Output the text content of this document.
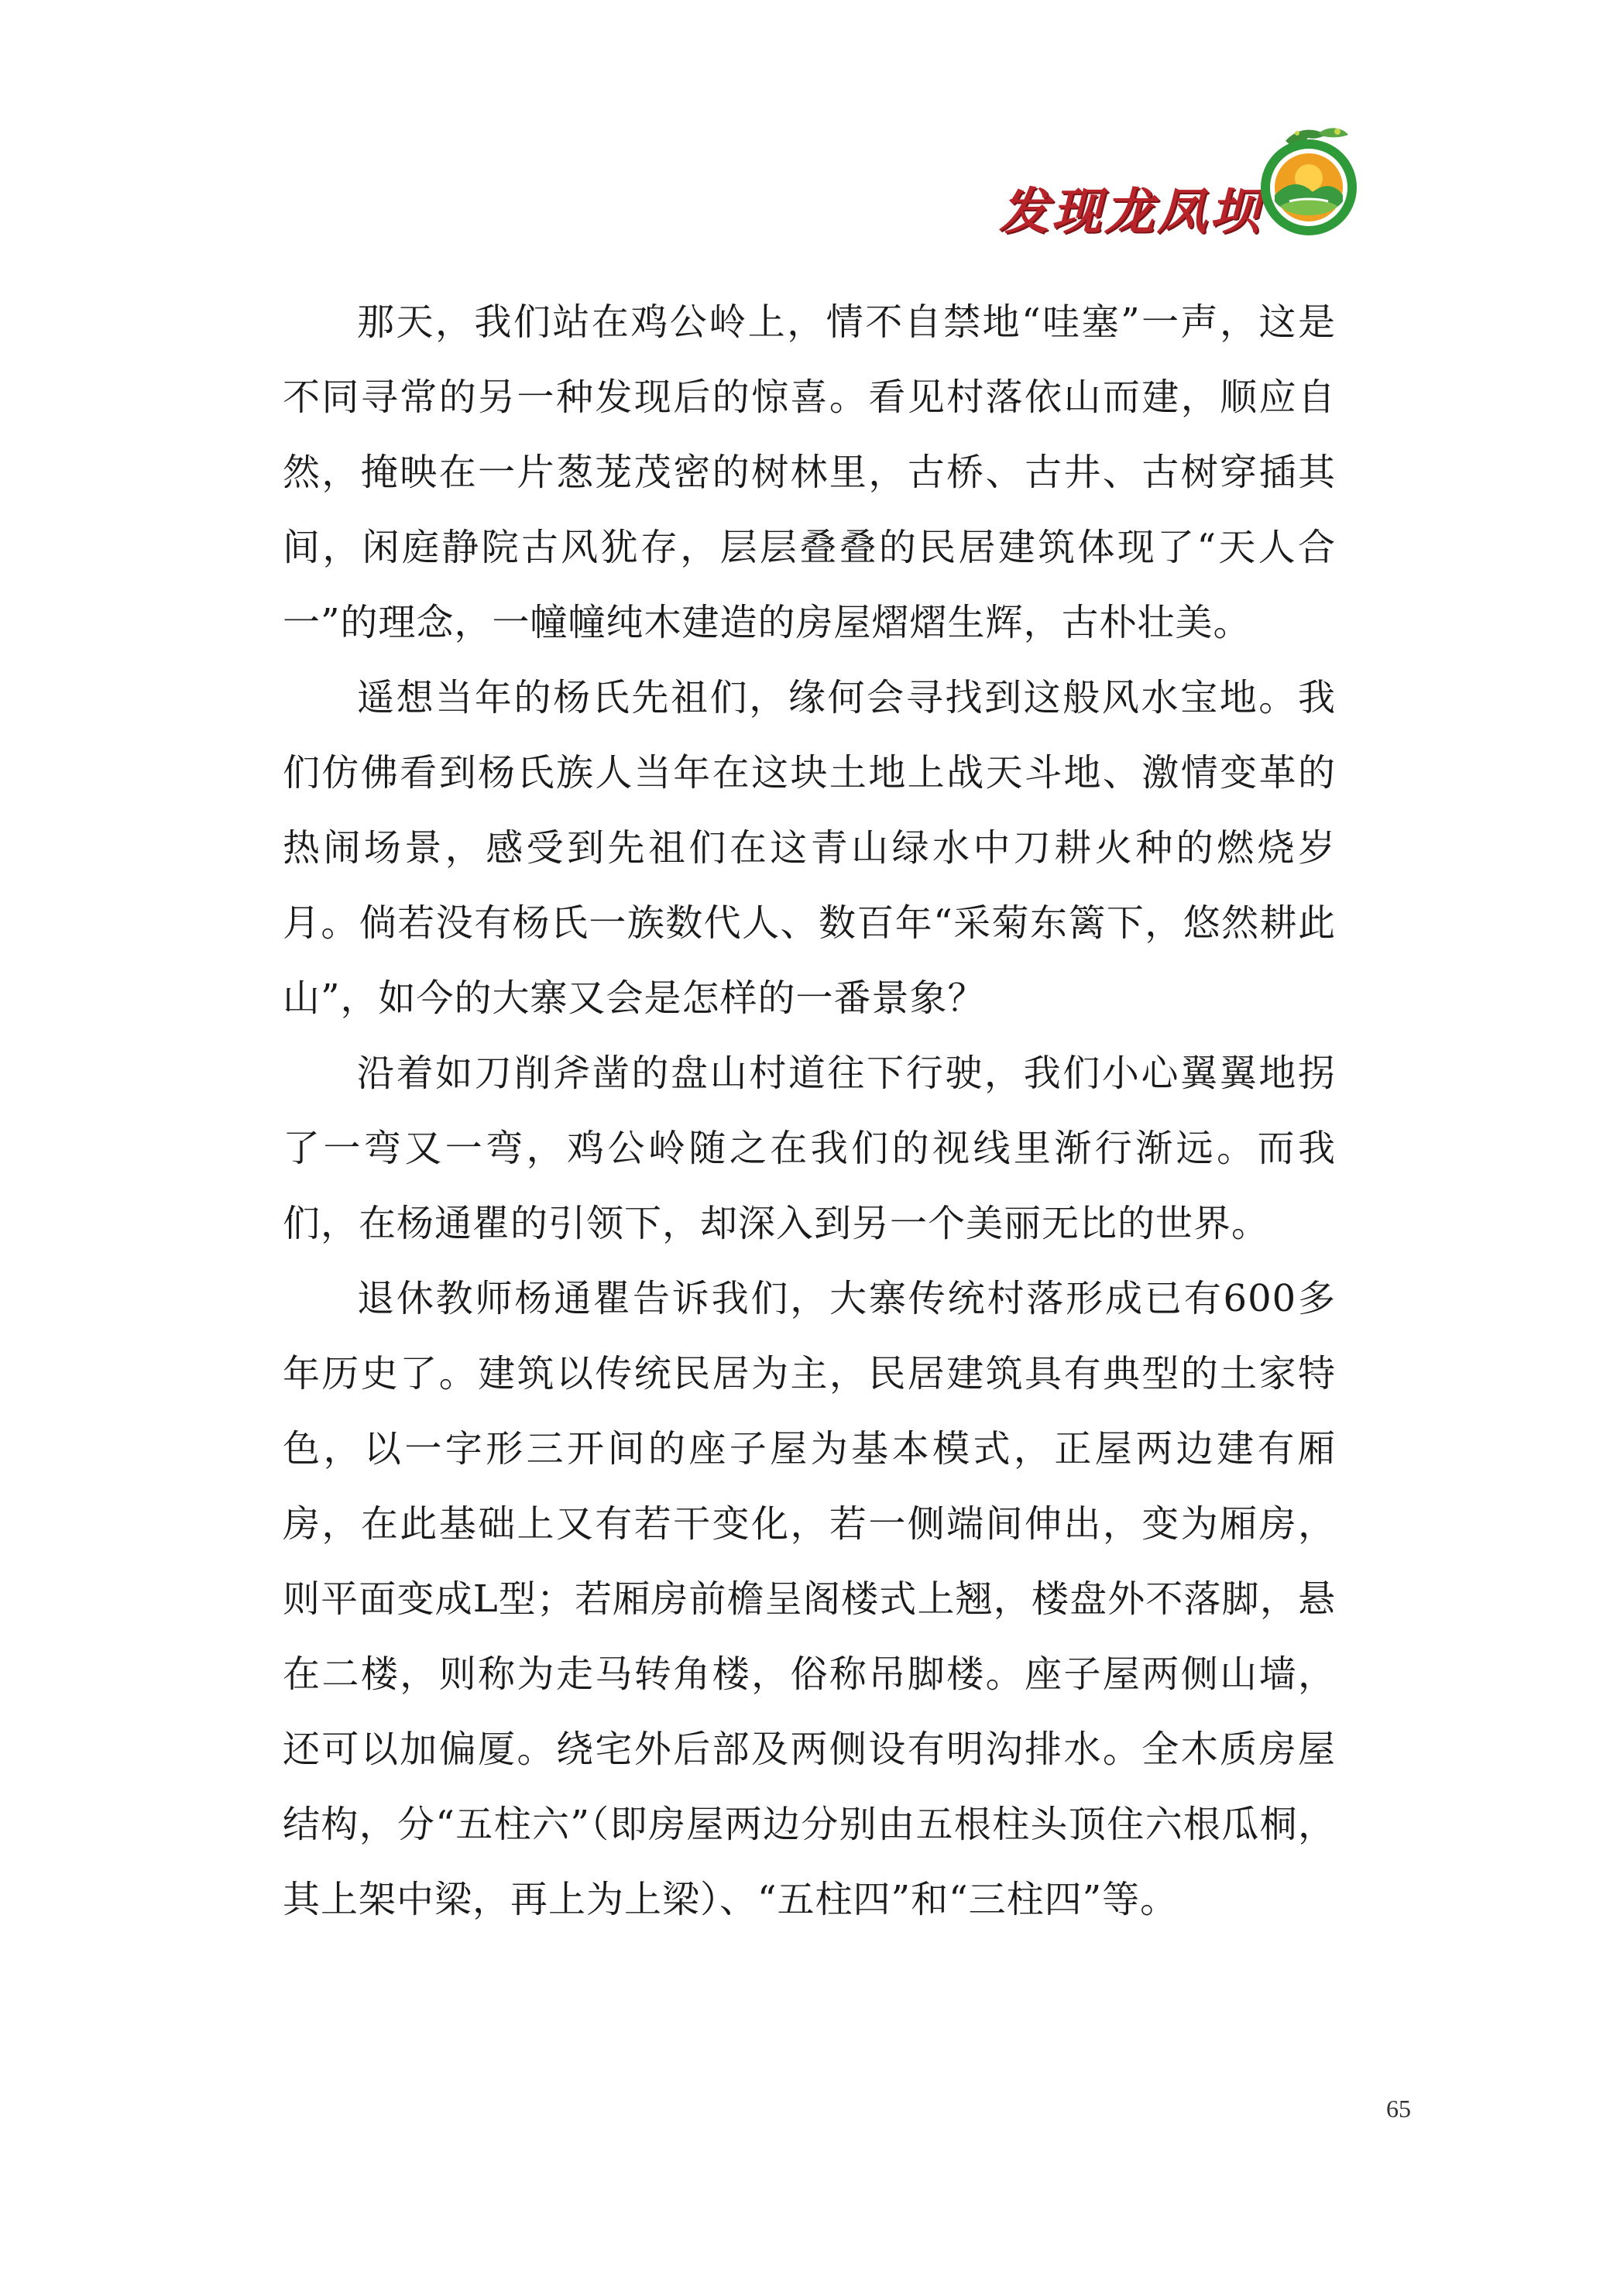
发现龙凤坝

那天，我们站在鸡公岭上，情不自禁地“哇塞”一声，这是不同寻常的另一种发现后的惊喜。看见村落依山而建，顺应自然，掩映在一片葱茏茂密的树林里，古桥、古井、古树穿插其间，闲庭静院古风犹存，层层叠叠的民居建筑体现了“天人合一”的理念，一幢幢纯木建造的房屋熠熠生辉，古朴壮美。

遥想当年的杨氏先祖们，缘何会寻找到这般风水宝地。我们仿佛看到杨氏族人当年在这块土地上战天斗地、激情变革的热闹场景，感受到先祖们在这青山绿水中刀耕火种的燃烧岁月。倘若没有杨氏一族数代人、数百年“采菊东篱下，悠然耕此山”，如今的大寨又会是怎样的一番景象？

沿着如刀削斧凿的盘山村道往下行驶，我们小心翼翼地拐了一弯又一弯，鸡公岭随之在我们的视线里渐行渐远。而我们，在杨通瞿的引领下，却深入到另一个美丽无比的世界。

退休教师杨通瞿告诉我们，大寨传统村落形成已有600多年历史了。建筑以传统民居为主，民居建筑具有典型的土家特色，以一字形三开间的座子屋为基本模式，正屋两边建有厢房，在此基础上又有若干变化，若一侧端间伸出，变为厢房，则平面变成L型；若厢房前檐呈阁楼式上翘，楼盘外不落脚，悬在二楼，则称为走马转角楼，俗称吊脚楼。座子屋两侧山墙，还可以加偏厦。绕宅外后部及两侧设有明沟排水。全木质房屋结构，分“五柱六”（即房屋两边分别由五根柱头顶住六根瓜桐，其上架中梁，再上为上梁）、“五柱四”和“三柱四”等。

65
